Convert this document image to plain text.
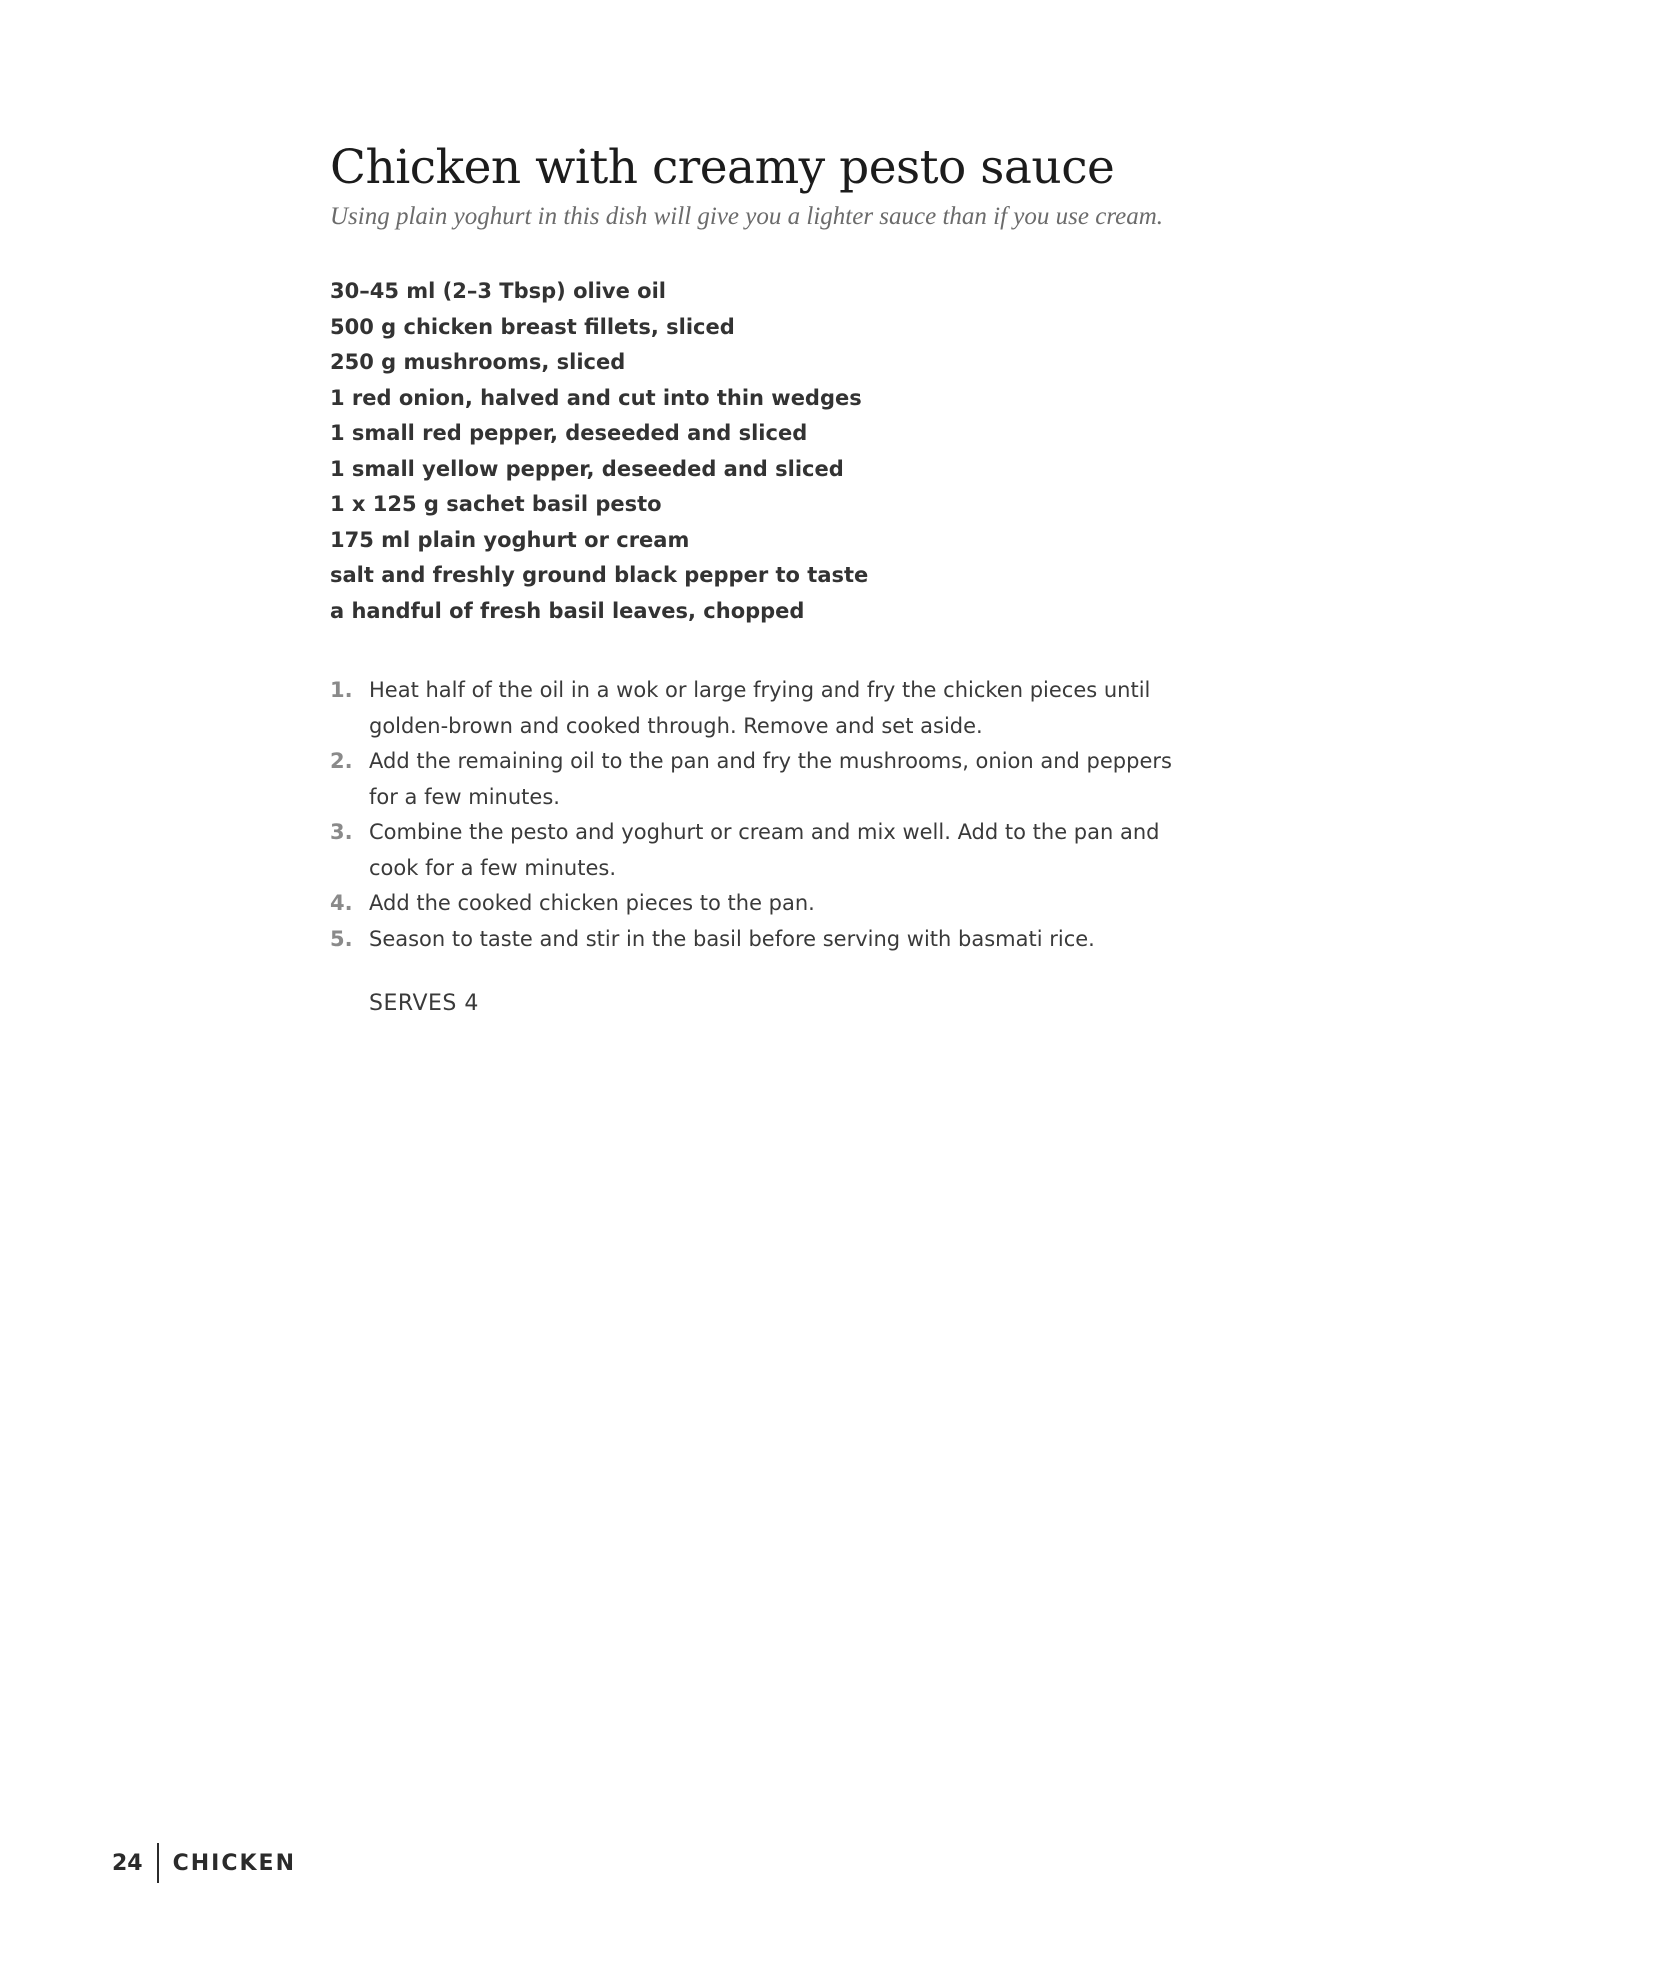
Chicken with creamy pesto sauce

Using plain yoghurt in this dish will give you a lighter sauce than if you use cream.

30–45 ml (2–3 Tbsp) olive oil
500 g chicken breast fillets, sliced
250 g mushrooms, sliced
1 red onion, halved and cut into thin wedges
1 small red pepper, deseeded and sliced
1 small yellow pepper, deseeded and sliced
1 x 125 g sachet basil pesto
175 ml plain yoghurt or cream
salt and freshly ground black pepper to taste
a handful of fresh basil leaves, chopped
1. Heat half of the oil in a wok or large frying and fry the chicken pieces until golden-brown and cooked through. Remove and set aside.
2. Add the remaining oil to the pan and fry the mushrooms, onion and peppers for a few minutes.
3. Combine the pesto and yoghurt or cream and mix well. Add to the pan and cook for a few minutes.
4. Add the cooked chicken pieces to the pan.
5. Season to taste and stir in the basil before serving with basmati rice.
SERVES 4
24 CHICKEN
